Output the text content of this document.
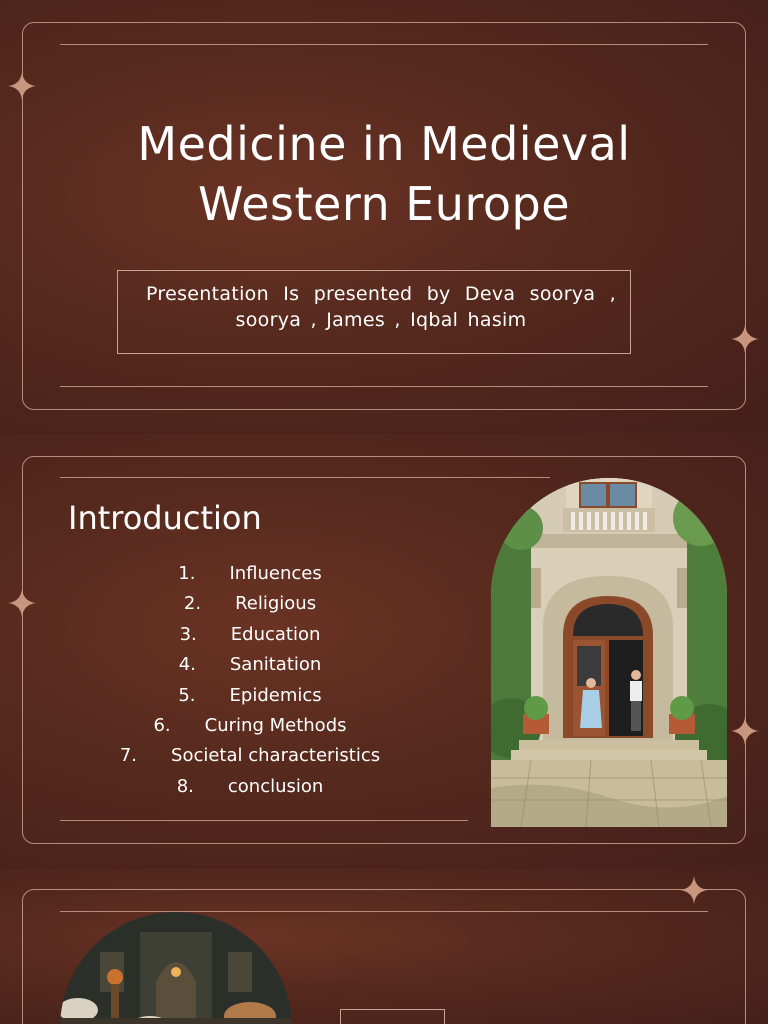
Medicine in Medieval
Western Europe

Presentation Is presented by Deva soorya , soorya , James , Iqbal hasim

Introduction
1. Influences
2. Religious
3. Education
4. Sanitation
5. Epidemics
6. Curing Methods
7. Societal characteristics
8. conclusion
